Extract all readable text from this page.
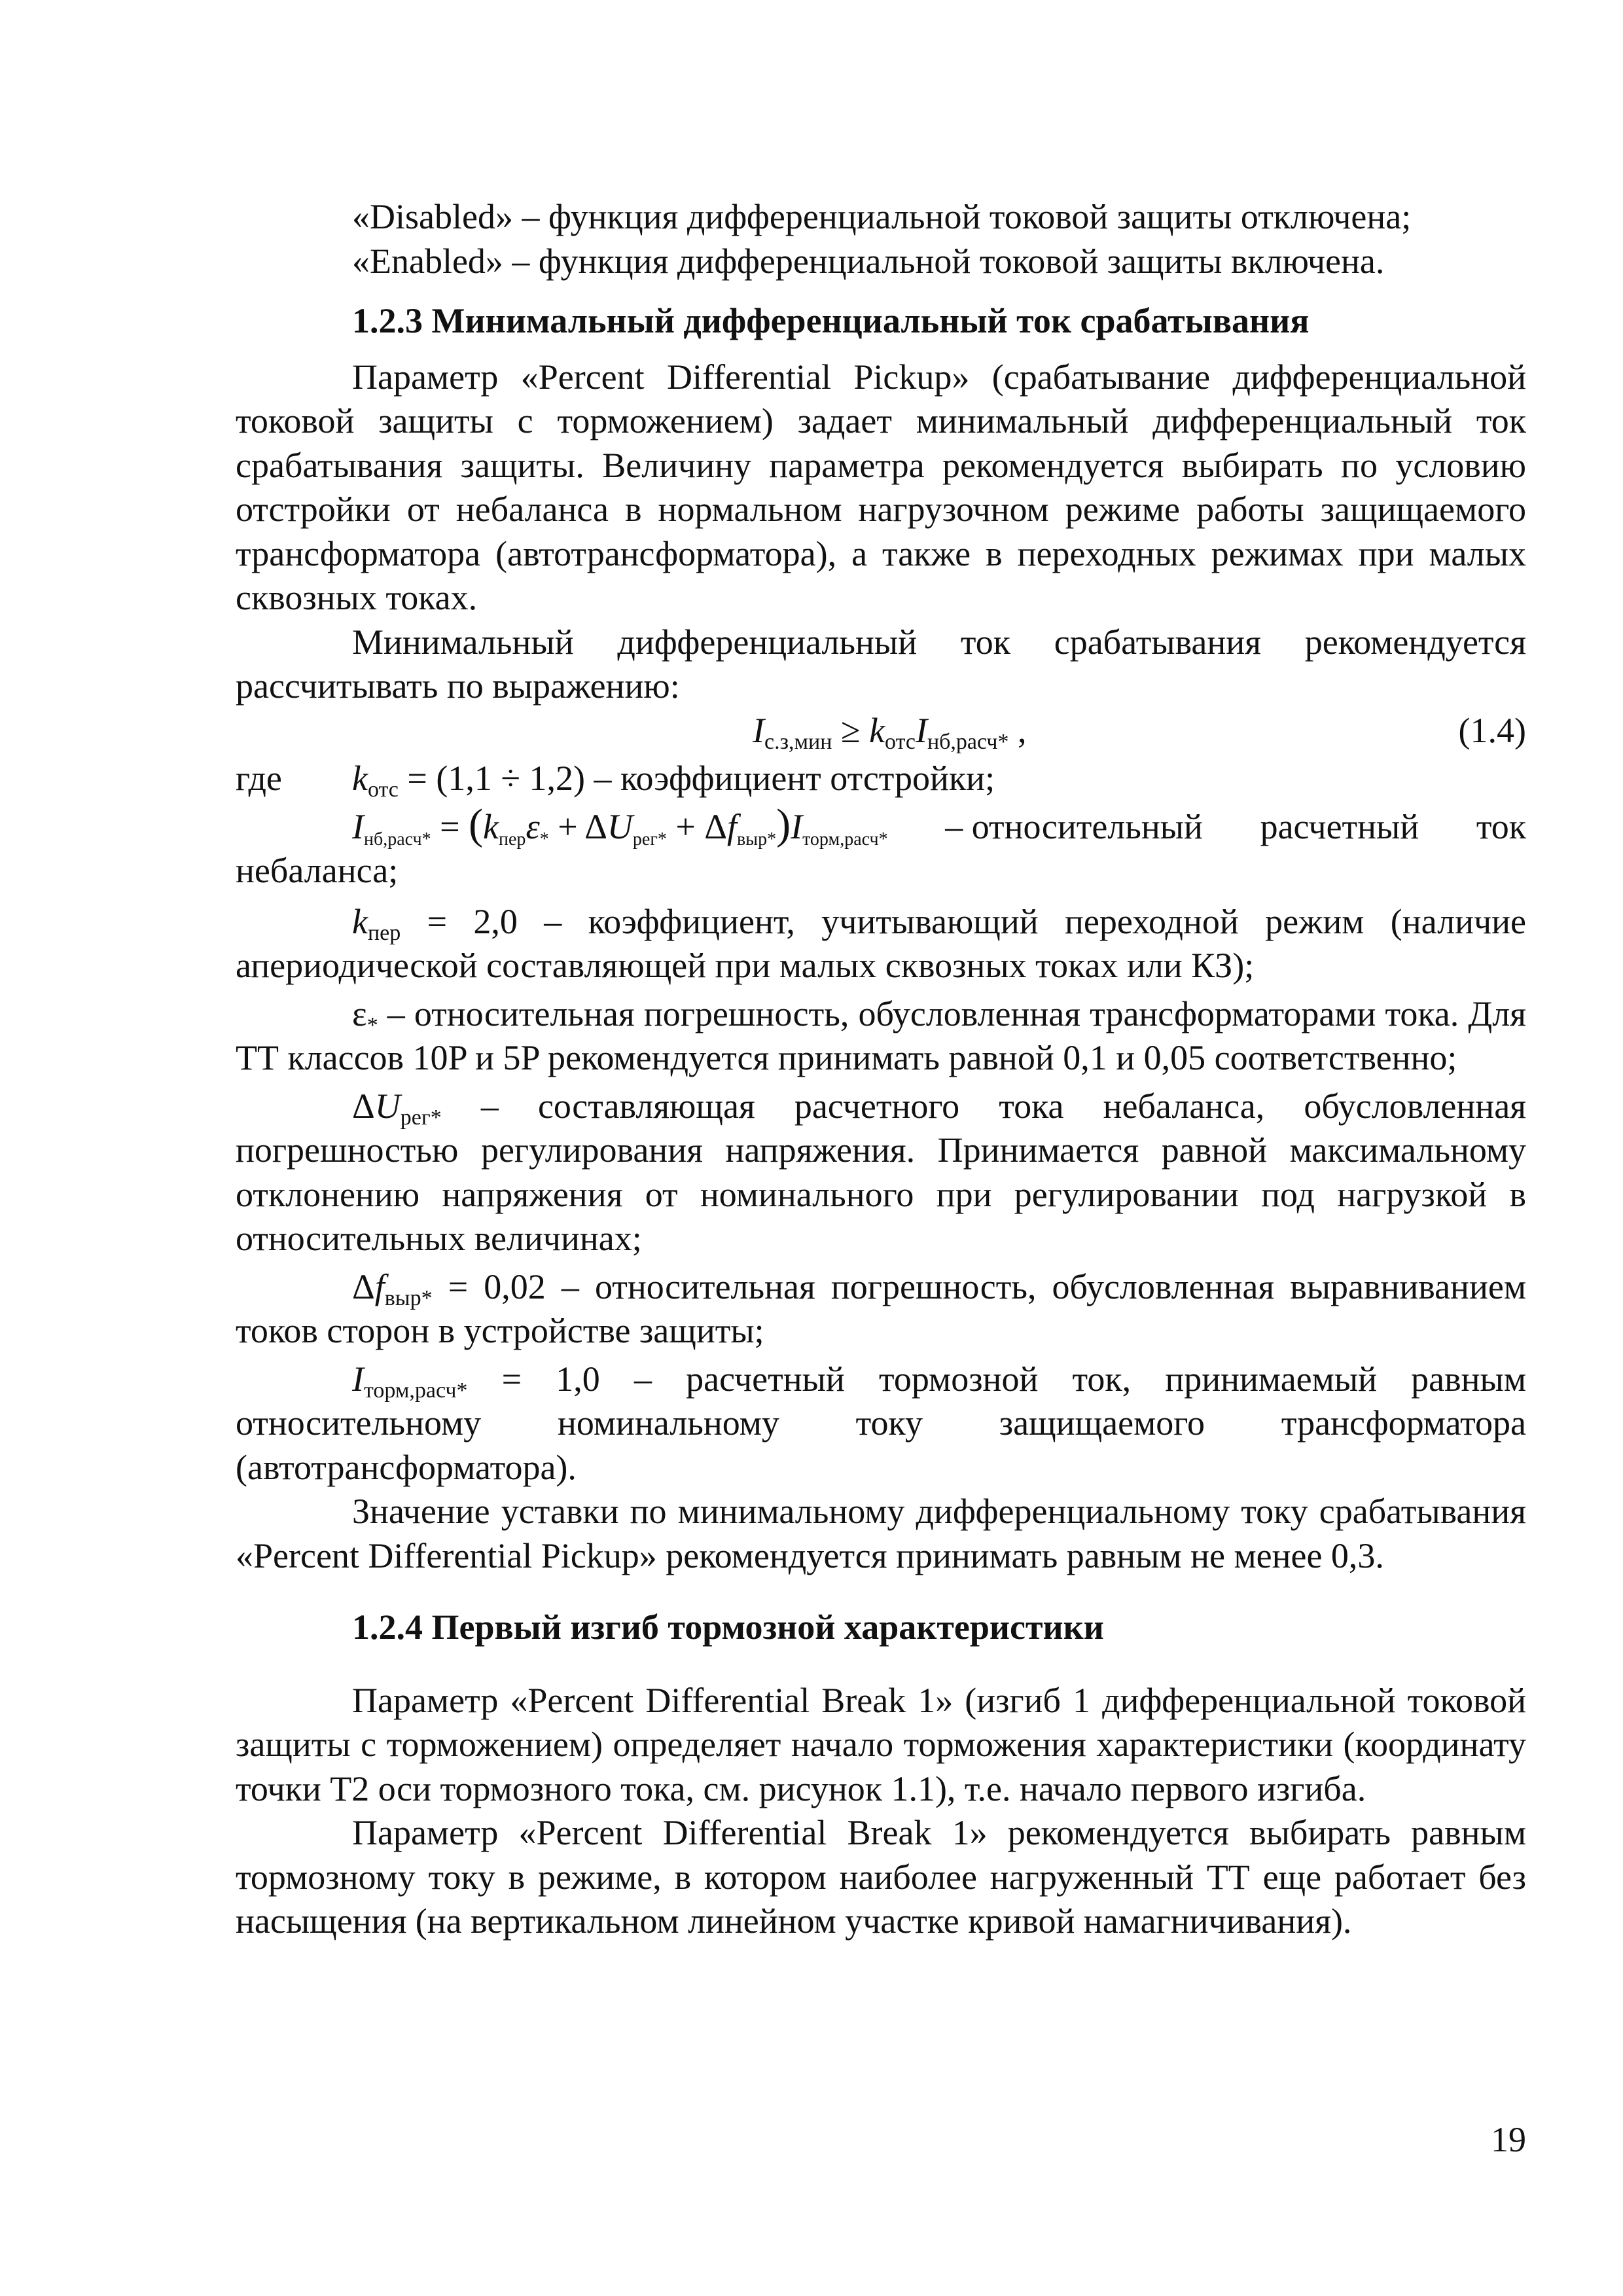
«Disabled» – функция дифференциальной токовой защиты отключена;

«Enabled» – функция дифференциальной токовой защиты включена.

1.2.3 Минимальный дифференциальный ток срабатывания

Параметр «Percent Differential Pickup» (срабатывание дифференциальной токовой защиты с торможением) задает минимальный дифференциальный ток срабатывания защиты. Величину параметра рекомендуется выбирать по условию отстройки от небаланса в нормальном нагрузочном режиме работы защищаемого трансформатора (автотрансформатора), а также в переходных режимах при малых сквозных токах.

Минимальный дифференциальный ток срабатывания рекомендуется рассчитывать по выражению:

$I_{с.з,мин} \ge k_{отс}I_{нб,расч*}$ ,	(1.4)
где $k_{отс} = (1,1 \div 1,2)$ – коэффициент отстройки;
Iнб,расч* = (kперε* + ΔUрег* + Δfвыр*)Iторм,расч* – относительный расчетный ток

небаланса;

$k_{пер} = 2,0$ – коэффициент, учитывающий переходной режим (наличие апериодической составляющей при малых сквозных токах или КЗ);

$\varepsilon_*$ – относительная погрешность, обусловленная трансформаторами тока. Для ТТ классов 10P и 5P рекомендуется принимать равной 0,1 и 0,05 соответственно;

$\Delta U_{рег*}$ – составляющая расчетного тока небаланса, обусловленная погрешностью регулирования напряжения. Принимается равной максимальному отклонению напряжения от номинального при регулировании под нагрузкой в относительных величинах;

$\Delta f_{выр*} = 0,02$ – относительная погрешность, обусловленная выравниванием токов сторон в устройстве защиты;

$I_{торм,расч*} = 1,0$ – расчетный тормозной ток, принимаемый равным относительному номинальному току защищаемого трансформатора (автотрансформатора).

Значение уставки по минимальному дифференциальному току срабатывания «Percent Differential Pickup» рекомендуется принимать равным не менее 0,3.

1.2.4 Первый изгиб тормозной характеристики

Параметр «Percent Differential Break 1» (изгиб 1 дифференциальной токовой защиты с торможением) определяет начало торможения характеристики (координату точки T2 оси тормозного тока, см. рисунок 1.1), т.е. начало первого изгиба.

Параметр «Percent Differential Break 1» рекомендуется выбирать равным тормозному току в режиме, в котором наиболее нагруженный ТТ еще работает без насыщения (на вертикальном линейном участке кривой намагничивания).

19
